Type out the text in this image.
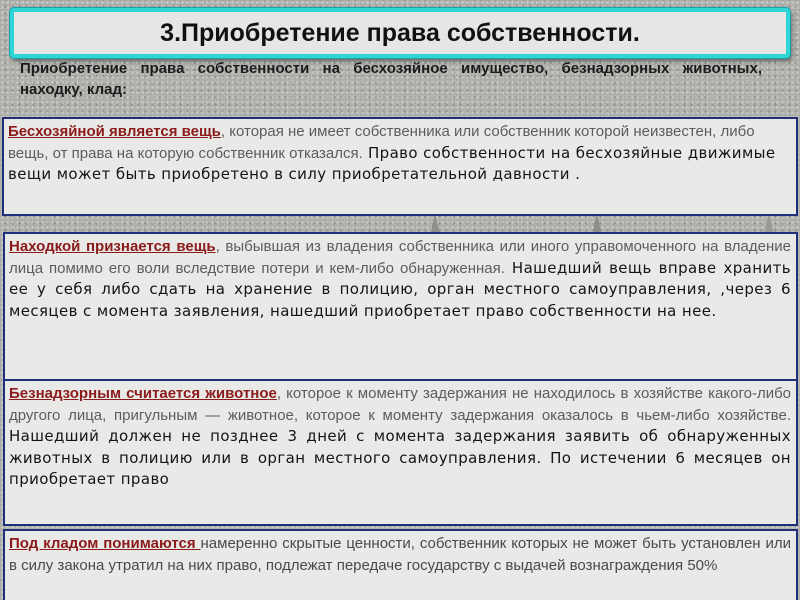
3.Приобретение права собственности.
Приобретение права собственности на бесхозяйное имущество, безнадзорных животных, находку, клад:
Бесхозяйной является вещь, которая не имеет собственника или собственник которой неизвестен, либо вещь, от права на которую собственник отказался. Право собственности на бесхозяйные движимые вещи может быть приобретено в силу приобретательной давности .
Находкой признается вещь, выбывшая из владения собственника или иного управомоченного на владение лица помимо его воли вследствие потери и кем-либо обнаруженная. Нашедший вещь вправе хранить ее у себя либо сдать на хранение в полицию, орган местного самоуправления, ,через 6 месяцев с момента заявления, нашедший приобретает право собственности на нее.
Безнадзорным считается животное, которое к моменту задержания не находилось в хозяйстве какого-либо другого лица, пригульным — животное, которое к моменту задержания оказалось в чьем-либо хозяйстве. Нашедший должен не позднее 3 дней с момента задержания заявить об обнаруженных животных в полицию или в орган местного самоуправления. По истечении 6 месяцев он приобретает право
Под кладом понимаются намеренно скрытые ценности, собственник которых не может быть установлен или в силу закона утратил на них право, подлежат передаче государству с выдачей вознаграждения 50%
